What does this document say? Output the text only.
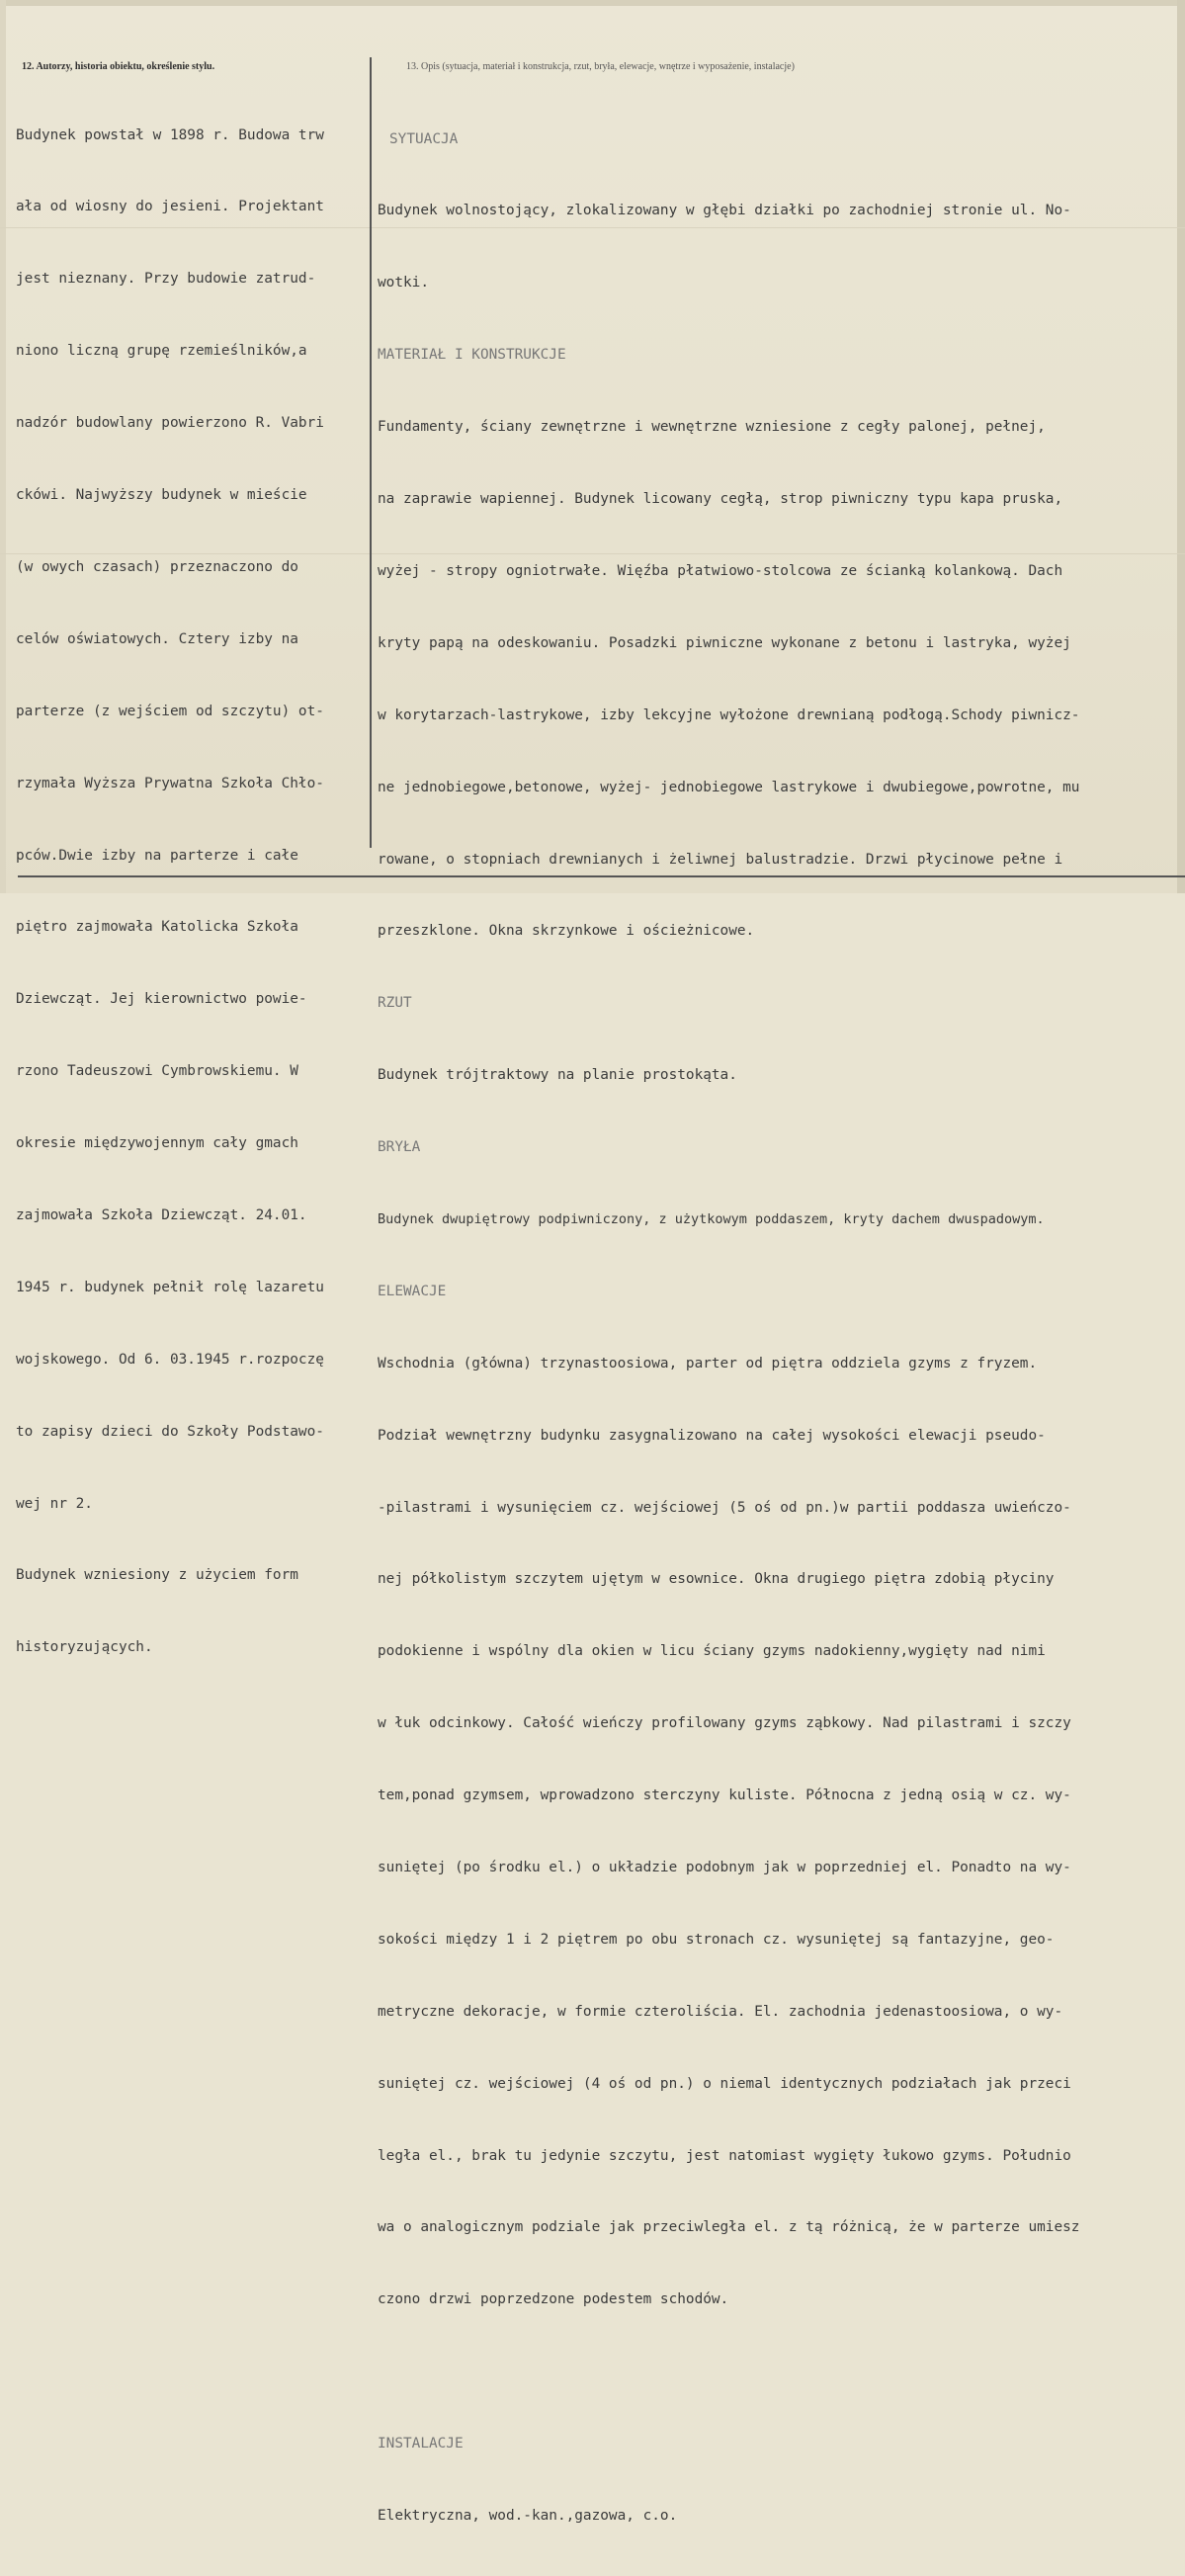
12. Autorzy, historia obiektu, określenie stylu.	13. Opis (sytuacja, materiał i konstrukcja, rzut, bryła, elewacje, wnętrze i wyposażenie, instalacje)

Budynek powstał w 1898 r. Budowa trw

ała od wiosny do jesieni. Projektant

jest nieznany. Przy budowie zatrud-

niono liczną grupę rzemieślników,a

nadzór budowlany powierzono R. Vabri

ckówi. Najwyższy budynek w mieście

(w owych czasach) przeznaczono do

celów oświatowych. Cztery izby na

parterze (z wejściem od szczytu) ot-

rzymała Wyższa Prywatna Szkoła Chło-

pców.Dwie izby na parterze i całe

piętro zajmowała Katolicka Szkoła

Dziewcząt. Jej kierownictwo powie-

rzono Tadeuszowi Cymbrowskiemu. W

okresie międzywojennym cały gmach

zajmowała Szkoła Dziewcząt. 24.01.

1945 r. budynek pełnił rolę lazaretu

wojskowego. Od 6. 03.1945 r.rozpoczę

to zapisy dzieci do Szkoły Podstawo-

wej nr 2.

Budynek wzniesiony z użyciem form

historyzujących.

SYTUACJA

Budynek wolnostojący, zlokalizowany w głębi działki po zachodniej stronie ul. No-

wotki.

MATERIAŁ I KONSTRUKCJE

Fundamenty, ściany zewnętrzne i wewnętrzne wzniesione z cegły palonej, pełnej,

na zaprawie wapiennej. Budynek licowany cegłą, strop piwniczny typu kapa pruska,

wyżej - stropy ogniotrwałe. Więźba płatwiowo-stolcowa ze ścianką kolankową. Dach

kryty papą na odeskowaniu. Posadzki piwniczne wykonane z betonu i lastryka, wyżej

w korytarzach-lastrykowe, izby lekcyjne wyłożone drewnianą podłogą.Schody piwnicz-

ne jednobiegowe,betonowe, wyżej- jednobiegowe lastrykowe i dwubiegowe,powrotne, mu

rowane, o stopniach drewnianych i żeliwnej balustradzie. Drzwi płycinowe pełne i

przeszklone. Okna skrzynkowe i ościeżnicowe.

RZUT

Budynek trójtraktowy na planie prostokąta.

BRYŁA

Budynek dwupiętrowy podpiwniczony, z użytkowym poddaszem, kryty dachem dwuspadowym.

ELEWACJE

Wschodnia (główna) trzynastoosiowa, parter od piętra oddziela gzyms z fryzem.

Podział wewnętrzny budynku zasygnalizowano na całej wysokości elewacji pseudo-

-pilastrami i wysunięciem cz. wejściowej (5 oś od pn.)w partii poddasza uwieńczo-

nej półkolistym szczytem ujętym w esownice. Okna drugiego piętra zdobią płyciny

podokienne i wspólny dla okien w licu ściany gzyms nadokienny,wygięty nad nimi

w łuk odcinkowy. Całość wieńczy profilowany gzyms ząbkowy. Nad pilastrami i szczy

tem,ponad gzymsem, wprowadzono sterczyny kuliste. Północna z jedną osią w cz. wy-

suniętej (po środku el.) o układzie podobnym jak w poprzedniej el. Ponadto na wy-

sokości między 1 i 2 piętrem po obu stronach cz. wysuniętej są fantazyjne, geo-

metryczne dekoracje, w formie czteroliścia. El. zachodnia jedenastoosiowa, o wy-

suniętej cz. wejściowej (4 oś od pn.) o niemal identycznych podziałach jak przeci

legła el., brak tu jedynie szczytu, jest natomiast wygięty łukowo gzyms. Południo

wa o analogicznym podziale jak przeciwległa el. z tą różnicą, że w parterze umiesz

czono drzwi poprzedzone podestem schodów.

INSTALACJE

Elektryczna, wod.-kan.,gazowa, c.o.
